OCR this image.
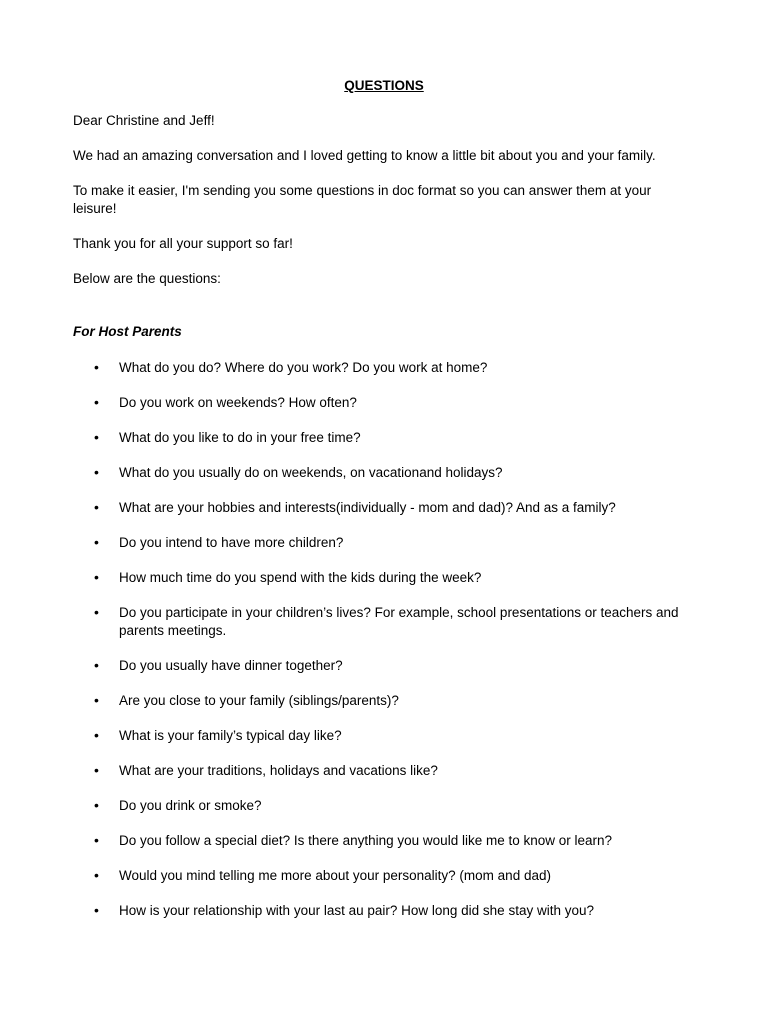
QUESTIONS
Dear Christine and Jeff!
We had an amazing conversation and I loved getting to know a little bit about you and your family.
To make it easier, I'm sending you some questions in doc format so you can answer them at your leisure!
Thank you for all your support so far!
Below are the questions:
For Host Parents
• What do you do? Where do you work? Do you work at home?
• Do you work on weekends? How often?
• What do you like to do in your free time?
• What do you usually do on weekends, on vacationand holidays?
• What are your hobbies and interests(individually - mom and dad)? And as a family?
• Do you intend to have more children?
• How much time do you spend with the kids during the week?
• Do you participate in your children’s lives? For example, school presentations or teachers and parents meetings.
• Do you usually have dinner together?
• Are you close to your family (siblings/parents)?
• What is your family’s typical day like?
• What are your traditions, holidays and vacations like?
• Do you drink or smoke?
• Do you follow a special diet? Is there anything you would like me to know or learn?
• Would you mind telling me more about your personality? (mom and dad)
• How is your relationship with your last au pair? How long did she stay with you?
